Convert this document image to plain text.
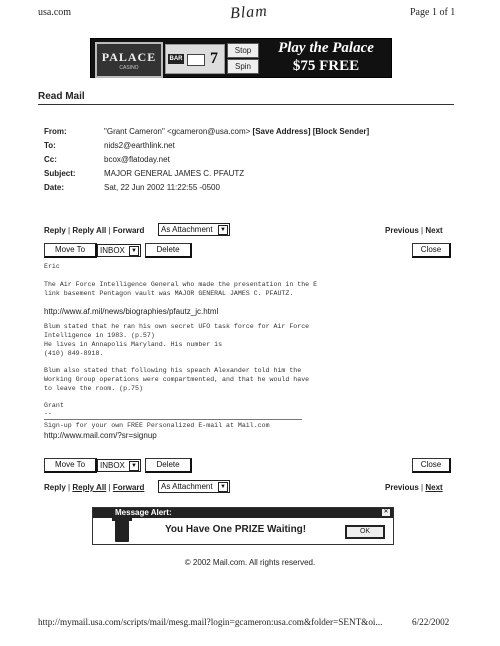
usa.com	Page 1 of 1
Blam
PALACE
CASINO
BAR 7	Stop
Spin
Play the Palace
$75 FREE
Read Mail
From:	"Grant Cameron" <gcameron@usa.com> [Save Address] [Block Sender]
To:	nids2@earthlink.net
Cc:	bcox@flatoday.net
Subject:	MAJOR GENERAL JAMES C. PFAUTZ
Date:	Sat, 22 Jun 2002 11:22:55 -0500
Reply | Reply All | Forward	As Attachment	▼	Previous | Next
Move To	INBOX	▼	Delete	Close
Eric
The Air Force Intelligence General who made the presentation in the E
link basement Pentagon vault was MAJOR GENERAL JAMES C. PFAUTZ.
http://www.af.mil/news/biographies/pfautz_jc.html
Blum stated that he ran his own secret UFO task force for Air Force
Intelligence in 1983. (p.57)
He lives in Annapolis Maryland. His number is
(410) 849-8918.
Blum also stated that following his speach Alexander told him the
Working Group operations were compartmented, and that he would have
to leave the room. (p.75)
Grant
--
Sign-up for your own FREE Personalized E-mail at Mail.com
http://www.mail.com/?sr=signup
Move To	INBOX	▼	Delete	Close
Reply | Reply All | Forward	As Attachment	▼	Previous | Next
Message Alert:	✕
You Have One PRIZE Waiting!	OK
© 2002 Mail.com. All rights reserved.
http://mymail.usa.com/scripts/mail/mesg.mail?login=gcameron:usa.com&folder=SENT&oi...	6/22/2002
